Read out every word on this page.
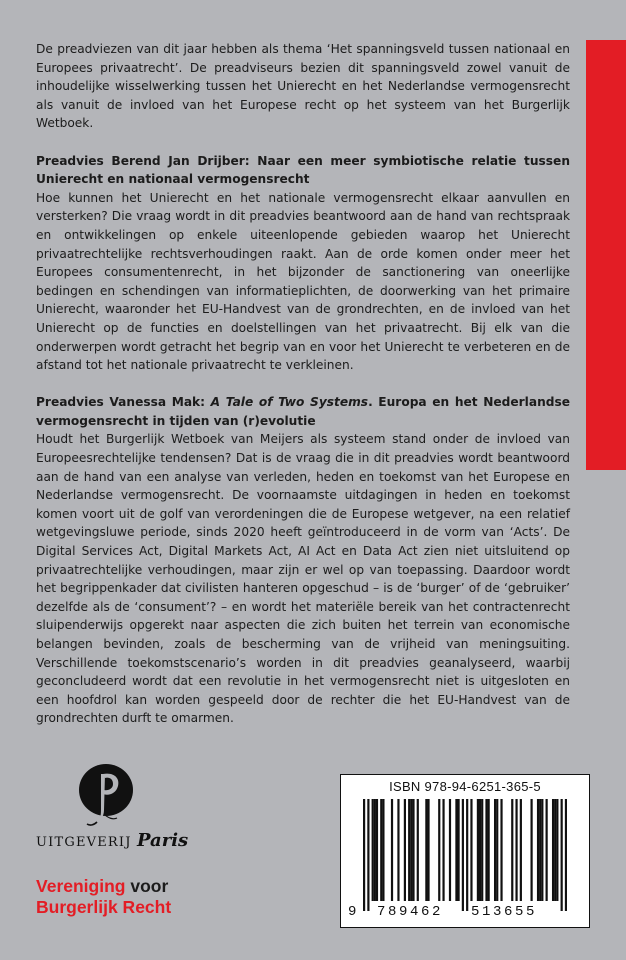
De preadviezen van dit jaar hebben als thema ‘Het spanningsveld tussen nationaal en Europees privaatrecht’. De preadviseurs bezien dit spanningsveld zowel vanuit de inhoudelijke wisselwerking tussen het Unierecht en het Nederlandse vermogensrecht als vanuit de invloed van het Europese recht op het systeem van het Burgerlijk Wetboek.

Preadvies Berend Jan Drijber: Naar een meer symbiotische relatie tussen Unierecht en nationaal vermogensrecht

Hoe kunnen het Unierecht en het nationale vermogensrecht elkaar aanvullen en versterken? Die vraag wordt in dit preadvies beantwoord aan de hand van rechtspraak en ontwikkelingen op enkele uiteenlopende gebieden waarop het Unierecht privaatrechtelijke rechtsverhoudingen raakt. Aan de orde komen onder meer het Europees consumentenrecht, in het bijzonder de sanctionering van oneerlijke bedingen en schendingen van informatieplichten, de doorwerking van het primaire Unierecht, waaronder het EU-Handvest van de grondrechten, en de invloed van het Unierecht op de functies en doelstellingen van het privaatrecht. Bij elk van die onderwerpen wordt getracht het begrip van en voor het Unierecht te verbeteren en de afstand tot het nationale privaatrecht te verkleinen.

Preadvies Vanessa Mak: A Tale of Two Systems. Europa en het Nederlandse vermogensrecht in tijden van (r)evolutie

Houdt het Burgerlijk Wetboek van Meijers als systeem stand onder de invloed van Europeesrechtelijke tendensen? Dat is de vraag die in dit preadvies wordt beantwoord aan de hand van een analyse van verleden, heden en toekomst van het Europese en Nederlandse vermogensrecht. De voornaamste uitdagingen in heden en toekomst komen voort uit de golf van verordeningen die de Europese wetgever, na een relatief wetgevingsluwe periode, sinds 2020 heeft geïntroduceerd in de vorm van ‘Acts’. De Digital Services Act, Digital Markets Act, AI Act en Data Act zien niet uitsluitend op privaatrechtelijke verhoudingen, maar zijn er wel op van toepassing. Daardoor wordt het begrippenkader dat civilisten hanteren opgeschud – is de ‘burger’ of de ‘gebruiker’ dezelfde als de ‘consument’? – en wordt het materiële bereik van het contractenrecht sluipenderwijs opgerekt naar aspecten die zich buiten het terrein van economische belangen bevinden, zoals de bescherming van de vrijheid van meningsuiting. Verschillende toekomstscenario’s worden in dit preadvies geanalyseerd, waarbij geconcludeerd wordt dat een revolutie in het vermogensrecht niet is uitgesloten en een hoofdrol kan worden gespeeld door de rechter die het EU-Handvest van de grondrechten durft te omarmen.

UITGEVERIJ Paris
Vereniging voor
Burgerlijk Recht
ISBN 978-94-6251-365-5
9 789462 513655
